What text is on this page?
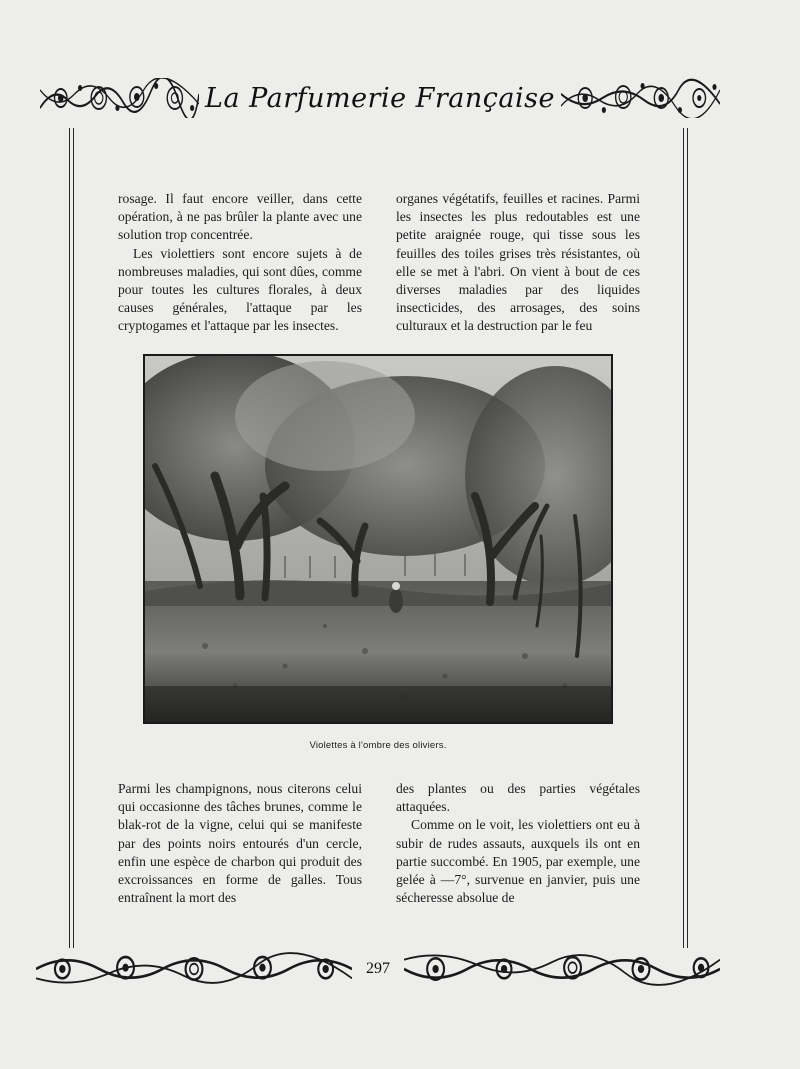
La Parfumerie Française

rosage. Il faut encore veiller, dans cette opération, à ne pas brûler la plante avec une solution trop concentrée.

Les violettiers sont encore sujets à de nombreuses maladies, qui sont dûes, comme pour toutes les cultures florales, à deux causes générales, l'attaque par les cryptogames et l'attaque par les insectes.

organes végétatifs, feuilles et racines. Parmi les insectes les plus redoutables est une petite araignée rouge, qui tisse sous les feuilles des toiles grises très résistantes, où elle se met à l'abri. On vient à bout de ces diverses maladies par des liquides insecticides, des arrosages, des soins culturaux et la destruction par le feu

Violettes à l'ombre des oliviers.

Parmi les champignons, nous citerons celui qui occasionne des tâches brunes, comme le blak-rot de la vigne, celui qui se manifeste par des points noirs entourés d'un cercle, enfin une espèce de charbon qui produit des excroissances en forme de galles. Tous entraînent la mort des

des plantes ou des parties végétales attaquées.

Comme on le voit, les violettiers ont eu à subir de rudes assauts, auxquels ils ont en partie succombé. En 1905, par exemple, une gelée à —7°, survenue en janvier, puis une sécheresse absolue de

297
